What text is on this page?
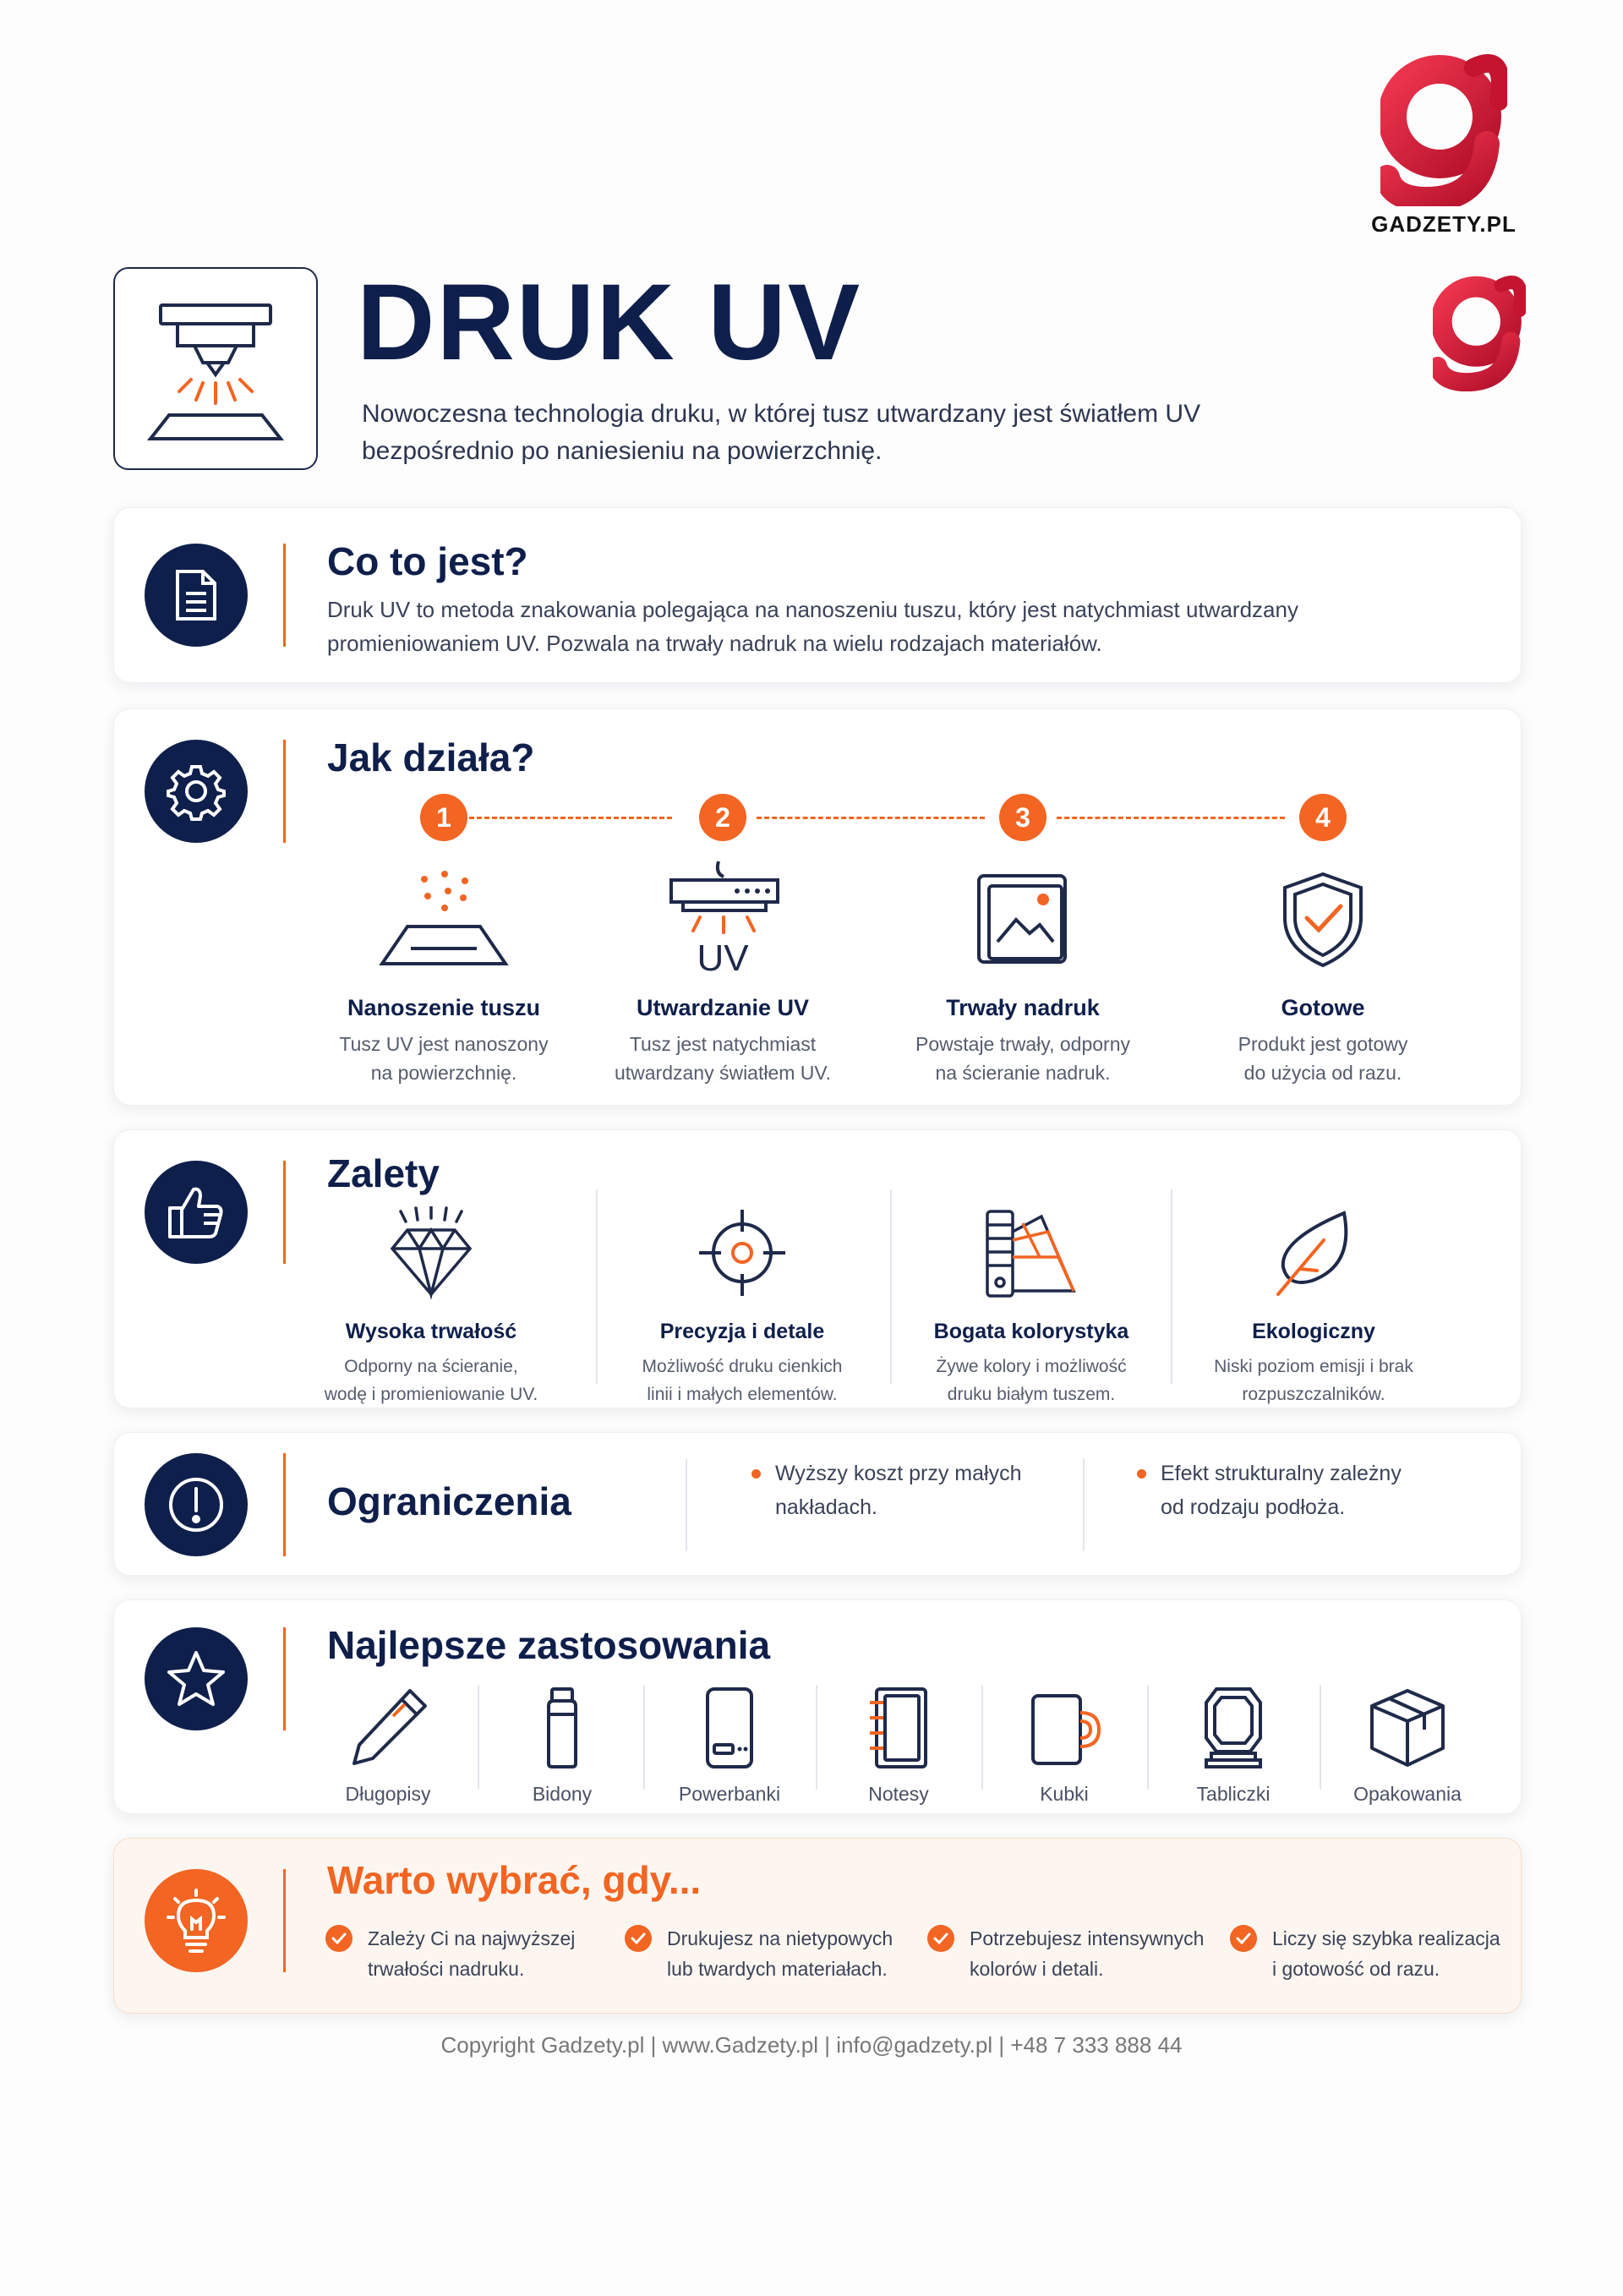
GADZETY.PL
DRUK UV
Nowoczesna technologia druku, w której tusz utwardzany jest światłem UV bezpośrednio po naniesieniu na powierzchnię.
Co to jest?
Druk UV to metoda znakowania polegająca na nanoszeniu tuszu, który jest natychmiast utwardzany promieniowaniem UV. Pozwala na trwały nadruk na wielu rodzajach materiałów.
Jak działa?
1
Nanoszenie tuszu
Tusz UV jest nanoszony
na powierzchnię.
2
UV
Utwardzanie UV
Tusz jest natychmiast
utwardzany światłem UV.
3
Trwały nadruk
Powstaje trwały, odporny
na ścieranie nadruk.
4
Gotowe
Produkt jest gotowy
do użycia od razu.
Zalety
Wysoka trwałość
Odporny na ścieranie,
wodę i promieniowanie UV.
Precyzja i detale
Możliwość druku cienkich
linii i małych elementów.
Bogata kolorystyka
Żywe kolory i możliwość
druku białym tuszem.
Ekologiczny
Niski poziom emisji i brak
rozpuszczalników.
Ograniczenia
Wyższy koszt przy małych
nakładach.
Efekt strukturalny zależny
od rodzaju podłoża.
Najlepsze zastosowania
Długopisy	Bidony	Powerbanki	Notesy	Kubki	Tabliczki	Opakowania
Warto wybrać, gdy...
Zależy Ci na najwyższej
trwałości nadruku.
Drukujesz na nietypowych
lub twardych materiałach.
Potrzebujesz intensywnych
kolorów i detali.
Liczy się szybka realizacja
i gotowość od razu.
Copyright Gadzety.pl | www.Gadzety.pl | info@gadzety.pl | +48 7 333 888 44
